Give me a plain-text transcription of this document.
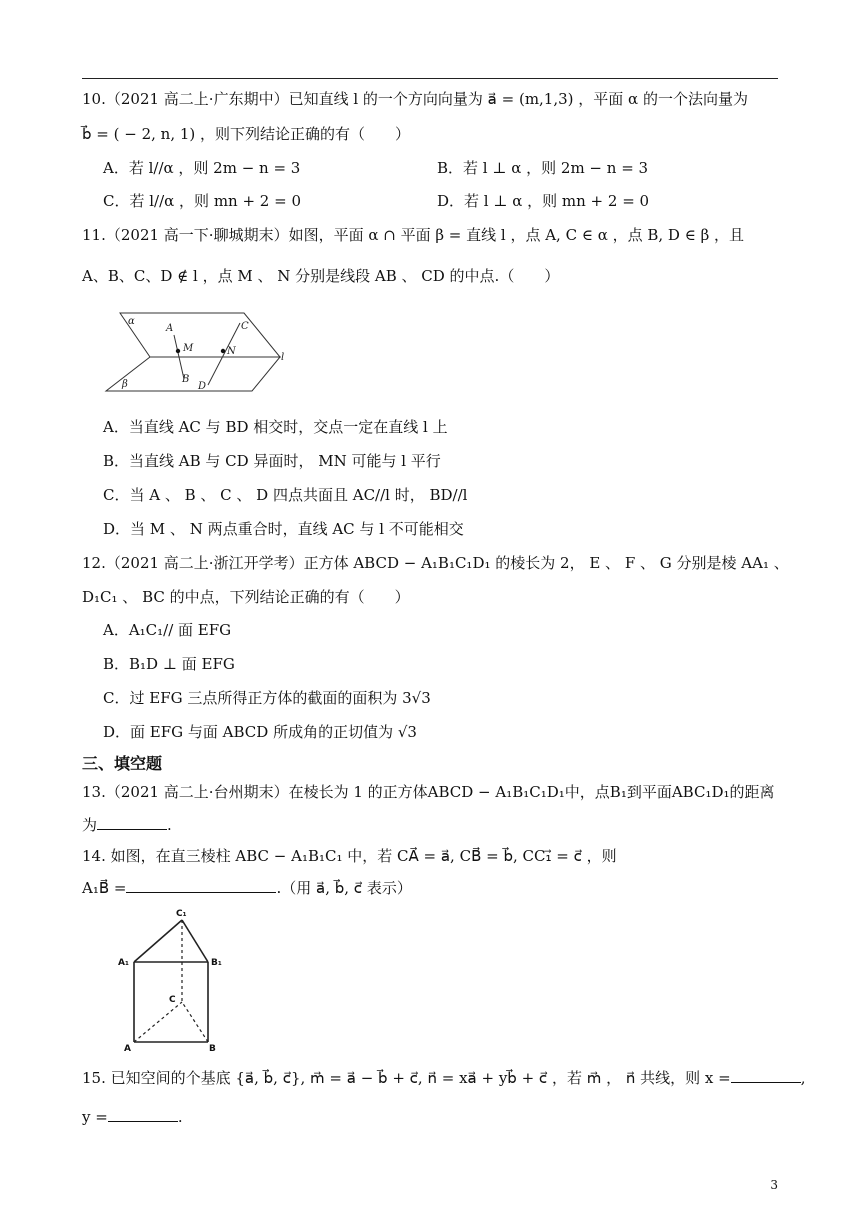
10.（2021 高二上·广东期中）已知直线 l 的一个方向向量为 a⃗ = (m,1,3) ，平面 α 的一个法向量为
b⃗ = ( − 2, n, 1) ，则下列结论正确的有（　　）
A．若 l//α ，则 2m − n = 3	B．若 l ⊥ α ，则 2m − n = 3
C．若 l//α ，则 mn + 2 = 0	D．若 l ⊥ α ，则 mn + 2 = 0
11.（2021 高一下·聊城期末）如图，平面 α ∩ 平面 β = 直线 l ，点 A, C ∈ α ，点 B, D ∈ β ，且
A、B、C、D ∉ l ，点 M 、 N 分别是线段 AB 、 CD 的中点.（　　）
α
β
A
M
B
C
N
D
l
A．当直线 AC 与 BD 相交时，交点一定在直线 l 上
B．当直线 AB 与 CD 异面时， MN 可能与 l 平行
C．当 A 、 B 、 C 、 D 四点共面且 AC//l 时， BD//l
D．当 M 、 N 两点重合时，直线 AC 与 l 不可能相交
12.（2021 高二上·浙江开学考）正方体 ABCD − A₁B₁C₁D₁ 的棱长为 2， E 、 F 、 G 分别是棱 AA₁ 、
D₁C₁ 、 BC 的中点，下列结论正确的有（　　）
A．A₁C₁// 面 EFG
B．B₁D ⊥ 面 EFG
C．过 EFG 三点所得正方体的截面的面积为 3√3
D．面 EFG 与面 ABCD 所成角的正切值为 √3
三、填空题
13.（2021 高二上·台州期末）在棱长为 1 的正方体ABCD − A₁B₁C₁D₁中，点B₁到平面ABC₁D₁的距离
为	.
14. 如图，在直三棱柱 ABC − A₁B₁C₁ 中，若 CA⃗ = a⃗, CB⃗ = b⃗, CC₁⃗ = c⃗ ，则
A₁B⃗ =	.（用 a⃗, b⃗, c⃗ 表示）
C₁
A₁	B₁
C
A	B
15. 已知空间的个基底 {a⃗, b⃗, c⃗}, m⃗ = a⃗ − b⃗ + c⃗, n⃗ = xa⃗ + yb⃗ + c⃗ ，若 m⃗ ， n⃗ 共线，则 x =	,
y =	.
3
